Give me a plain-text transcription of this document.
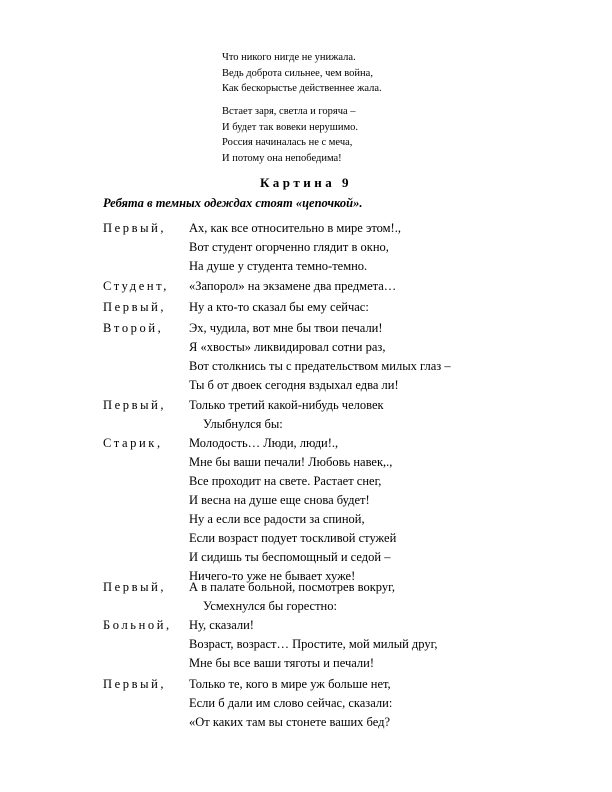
Что никого нигде не унижала.
Ведь доброта сильнее, чем война,
Как бескорыстье действеннее жала.
Встает заря, светла и горяча –
И будет так вовеки нерушимо.
Россия начиналась не с меча,
И потому она непобедима!
Картина 9
Ребята в темных одеждах стоят «цепочкой».
Первый, Ах, как все относительно в мире этом!.,
Вот студент огорченно глядит в окно,
На душе у студента темно-темно.
Студент, «Запорол» на экзамене два предмета…
Первый, Ну а кто-то сказал бы ему сейчас:
Второй, Эх, чудила, вот мне бы твои печали!
Я «хвосты» ликвидировал сотни раз,
Вот столкнись ты с предательством милых глаз –
Ты б от двоек сегодня вздыхал едва ли!
Первый, Только третий какой-нибудь человек
Улыбнулся бы:
Старик, Молодость… Люди, люди!.,
Мне бы ваши печали! Любовь навек,.,
Все проходит на свете. Растает снег,
И весна на душе еще снова будет!
Ну а если все радости за спиной,
Если возраст подует тоскливой стужей
И сидишь ты беспомощный и седой –
Ничего-то уже не бывает хуже!
Первый, А в палате больной, посмотрев вокруг,
Усмехнулся бы горестно:
Больной, Ну, сказали!
Возраст, возраст… Простите, мой милый друг,
Мне бы все ваши тяготы и печали!
Первый, Только те, кого в мире уж больше нет,
Если б дали им слово сейчас, сказали:
«От каких там вы стонете ваших бед?
